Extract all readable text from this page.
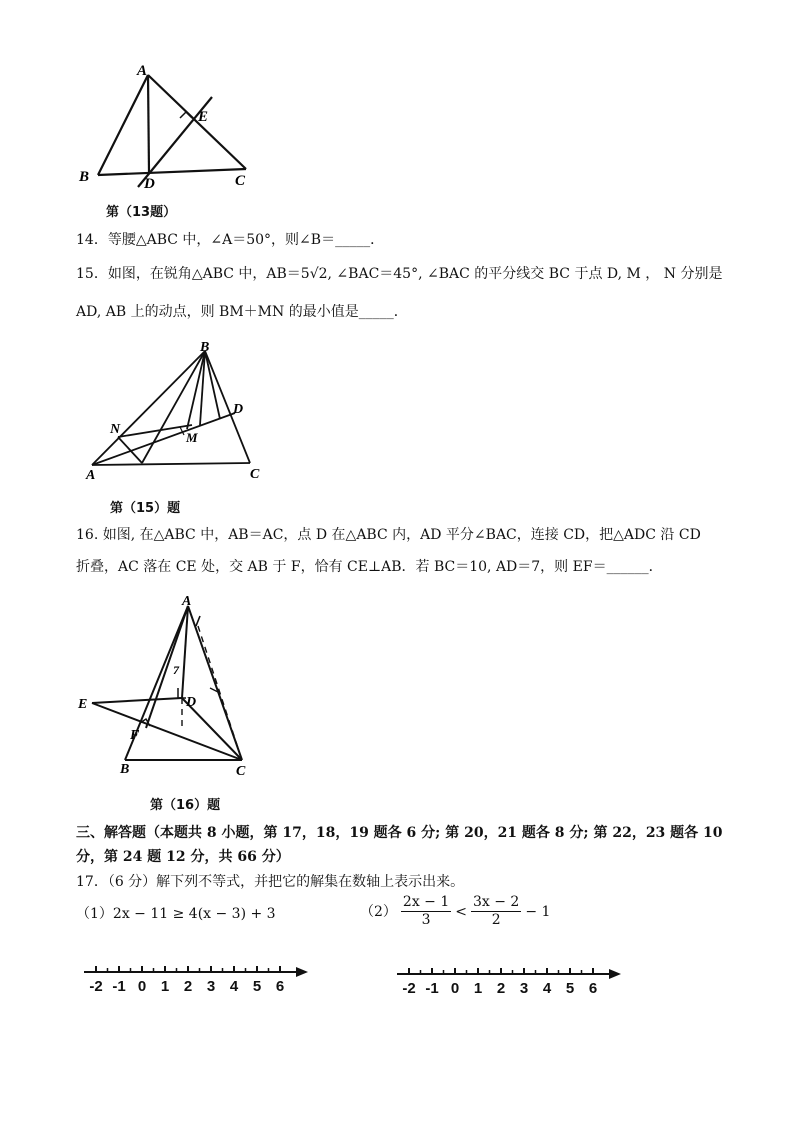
A
B	C
D
E
第（13题）
14．等腰△ABC 中，∠A＝50°，则∠B＝_____．
15．如图，在锐角△ABC 中，AB＝5√2, ∠BAC＝45°, ∠BAC 的平分线交 BC 于点 D, M ， N 分别是
AD, AB 上的动点，则 BM＋MN 的最小值是_____．
A
B
C
D
M
N
第（15）题
16. 如图, 在△ABC 中，AB＝AC，点 D 在△ABC 内，AD 平分∠BAC，连接 CD，把△ADC 沿 CD
折叠，AC 落在 CE 处，交 AB 于 F，恰有 CE⊥AB．若 BC＝10, AD＝7，则 EF＝______．
7
A
B	C
D
E
F
第（16）题
三、解答题（本题共 8 小题，第 17，18，19 题各 6 分; 第 20，21 题各 8 分; 第 22，23 题各 10
分，第 24 题 12 分，共 66 分）
17．（6 分）解下列不等式，并把它的解集在数轴上表示出来。
（1）2x − 11 ≥ 4(x − 3) + 3	$(2) \frac{2x - 1}{3} < \frac{3x - 2}{2} - 1$
-2 -1 0 1 2 3 4 5 6	-2 -1 0 1 2 3 4 5 6
